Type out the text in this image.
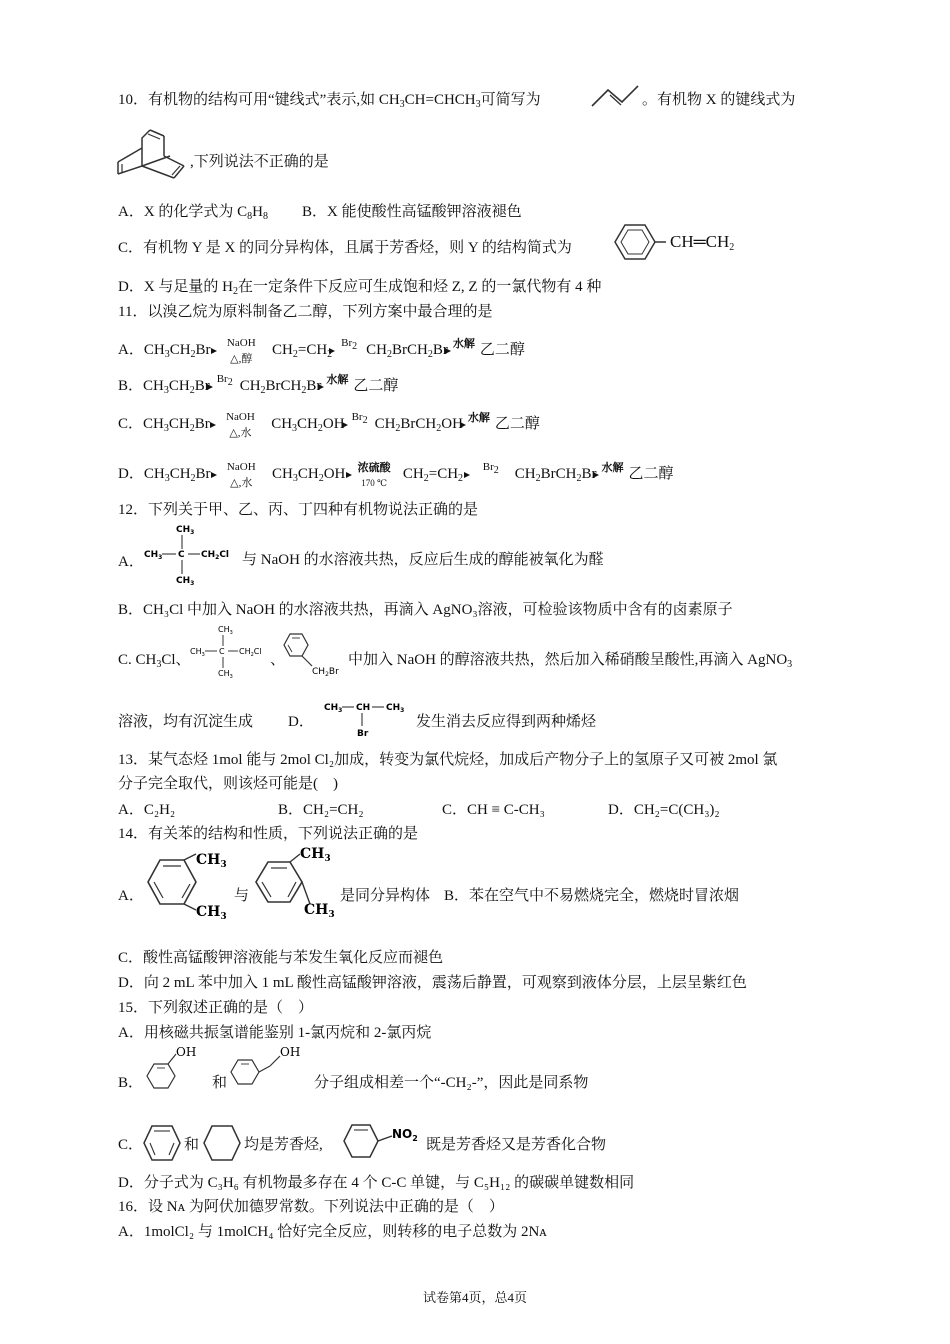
10．有机物的结构可用“键线式”表示,如 $CH_3CH=CHCH_3$可简写为	。有机物 X 的键线式为
,下列说法不正确的是
A．X 的化学式为 $C_8H_8$ B．X 能使酸性高锰酸钾溶液褪色
C．有机物 Y 是 X 的同分异构体，且属于芳香烃，则 Y 的结构简式为	$CH═CH_2$
D．X 与足量的 $H_2$在一定条件下反应可生成饱和烃 Z, Z 的一氯代物有 4 种
11．以溴乙烷为原料制备乙二醇，下列方案中最合理的是
A．$CH_3CH_2Br$	NaOH
△,醇
$CH_2=CH_2$
$Br_2$ $CH_2BrCH_2Br$ 水解 乙二醇
B．$CH_3CH_2Br$ $Br_2$ $CH_2BrCH_2Br$ 水解 乙二醇
C．$CH_3CH_2Br$	NaOH
△,水
$CH_3CH_2OH$ $Br_2$ $CH_2BrCH_2OH$ 水解 乙二醇
D．$CH_3CH_2Br$	NaOH
△,水
$CH_3CH_2OH$ 浓硫酸
170 ℃
$CH_2=CH_2$
$Br_2$	$CH_2BrCH_2Br$ 水解 乙二醇
12．下列关于甲、乙、丙、丁四种有机物说法正确的是
A．
$CH_3$
$CH_3$ C $CH_2Cl$
$CH_3$
与 NaOH 的水溶液共热，反应后生成的醇能被氧化为醛
B．CH₃Cl 中加入 NaOH 的水溶液共热，再滴入 AgNO₃溶液，可检验该物质中含有的卤素原子
C. $CH_3Cl$、
$CH_3$
$CH_3$ C $CH_2Cl$
$CH_3$
、
$CH_2Br$
中加入 NaOH 的醇溶液共热，然后加入稀硝酸呈酸性,再滴入 AgNO$_3$
溶液，均有沉淀生成 D．
$CH_3$ CH $CH_3$
Br
发生消去反应得到两种烯烃
13．某气态烃 1mol 能与 2mol Cl₂加成，转变为氯代烷烃，加成后产物分子上的氢原子又可被 2mol 氯
分子完全取代，则该烃可能是(　)
A．C₂H₂	B．CH₂=CH₂	C．CH ≡ C-CH₃	D．CH₂=C(CH₃)₂
14．有关苯的结构和性质，下列说法正确的是
A．
$CH_3$
$CH_3$
与
$CH_3$
$CH_3$
是同分异构体 B．苯在空气中不易燃烧完全，燃烧时冒浓烟
C．酸性高锰酸钾溶液能与苯发生氧化反应而褪色
D．向 2 mL 苯中加入 1 mL 酸性高锰酸钾溶液，震荡后静置，可观察到液体分层，上层呈紫红色
15．下列叙述正确的是（　）
A．用核磁共振氢谱能鉴别 1-氯丙烷和 2-氯丙烷
B．
OH
和
OH
分子组成相差一个“-CH₂-”，因此是同系物
C．	和	均是芳香烃,
$NO_2$ 既是芳香烃又是芳香化合物
D．分子式为 C₃H₆ 有机物最多存在 4 个 C-C 单键，与 C₅H₁₂ 的碳碳单键数相同
16．设 Nᴀ 为阿伏加德罗常数。下列说法中正确的是（　）
A．1molCl₂ 与 1molCH₄ 恰好完全反应，则转移的电子总数为 2Nᴀ
试卷第4页，总4页
